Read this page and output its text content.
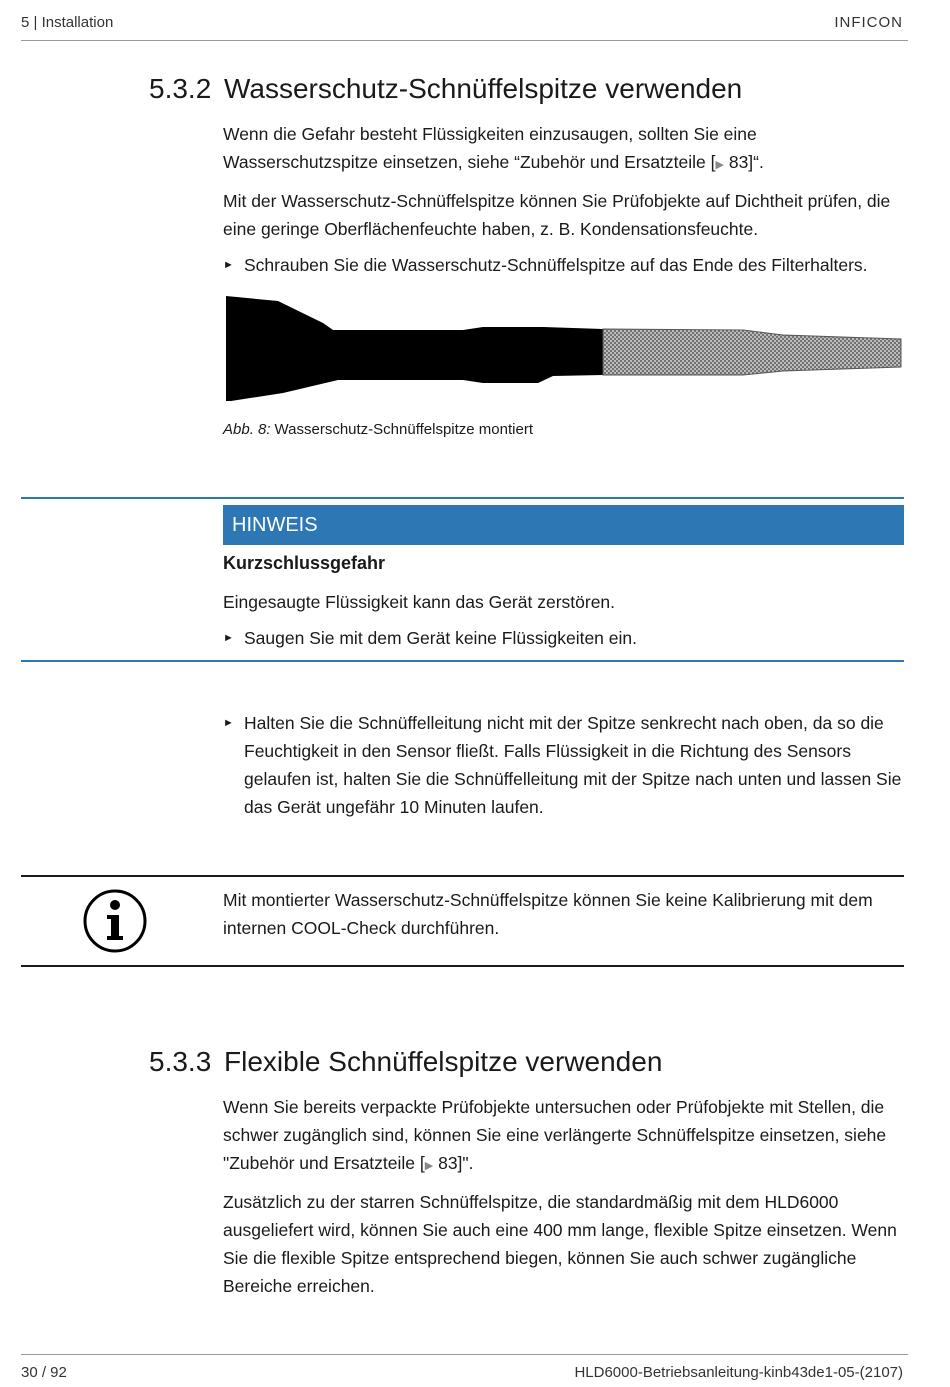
5 | Installation	INFICON
5.3.2 Wasserschutz-Schnüffelspitze verwenden

Wenn die Gefahr besteht Flüssigkeiten einzusaugen, sollten Sie eine Wasserschutzspitze einsetzen, siehe “Zubehör und Ersatzteile [▶ 83]“.

Mit der Wasserschutz-Schnüffelspitze können Sie Prüfobjekte auf Dichtheit prüfen, die eine geringe Oberflächenfeuchte haben, z. B. Kondensationsfeuchte.

► Schrauben Sie die Wasserschutz-Schnüffelspitze auf das Ende des Filterhalters.

Abb. 8: Wasserschutz-Schnüffelspitze montiert
HINWEIS
Kurzschlussgefahr

Eingesaugte Flüssigkeit kann das Gerät zerstören.

► Saugen Sie mit dem Gerät keine Flüssigkeiten ein.

► Halten Sie die Schnüffelleitung nicht mit der Spitze senkrecht nach oben, da so die Feuchtigkeit in den Sensor fließt. Falls Flüssigkeit in die Richtung des Sensors gelaufen ist, halten Sie die Schnüffelleitung mit der Spitze nach unten und lassen Sie das Gerät ungefähr 10 Minuten laufen.

Mit montierter Wasserschutz-Schnüffelspitze können Sie keine Kalibrierung mit dem internen COOL-Check durchführen.

5.3.3 Flexible Schnüffelspitze verwenden

Wenn Sie bereits verpackte Prüfobjekte untersuchen oder Prüfobjekte mit Stellen, die schwer zugänglich sind, können Sie eine verlängerte Schnüffelspitze einsetzen, siehe "Zubehör und Ersatzteile [▶ 83]".

Zusätzlich zu der starren Schnüffelspitze, die standardmäßig mit dem HLD6000 ausgeliefert wird, können Sie auch eine 400 mm lange, flexible Spitze einsetzen. Wenn Sie die flexible Spitze entsprechend biegen, können Sie auch schwer zugängliche Bereiche erreichen.

30 / 92	HLD6000-Betriebsanleitung-kinb43de1-05-(2107)
